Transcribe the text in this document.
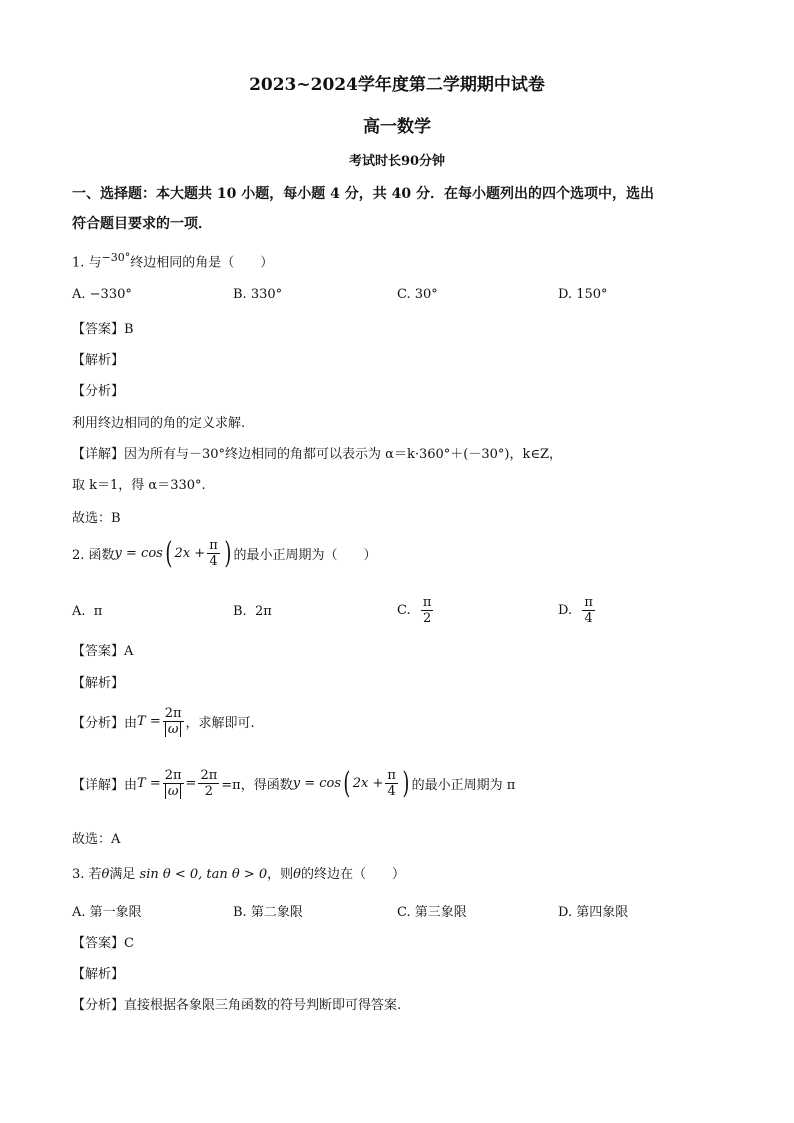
2023~2024学年度第二学期期中试卷
高一数学
考试时长90分钟
一、选择题：本大题共 10 小题，每小题 4 分，共 40 分．在每小题列出的四个选项中，选出
符合题目要求的一项．
1. 与$^{-30^\circ}$终边相同的角是（　　）
A. −330°	B. 330°	C. 30°	D. 150°
【答案】B
【解析】
【分析】
利用终边相同的角的定义求解.
【详解】因为所有与－30°终边相同的角都可以表示为 α＝k·360°＋(－30°)，k∈Z，
取 k＝1，得 α＝330°.
故选：B
2. 函数 y = cos ( $2x + \frac{\pi}{4}$ ) 的最小正周期为（　　）
A. π	B. 2π	C.
$\frac{\pi}{2}$	D.
$\frac{\pi}{4}$
【答案】A
【解析】
【分析】由 $T = \frac{2\pi}{\omega}$ ，求解即可.
【详解】由 $T = \frac{2\pi}{\omega} = \frac{2\pi}{2} =\pi$，得函数 y = cos ( $2x + \frac{\pi}{4}$ ) 的最小正周期为 π
故选：A
3. 若θ满足 sin θ < 0, tan θ > 0，则θ的终边在（　　）
A. 第一象限	B. 第二象限	C. 第三象限	D. 第四象限
【答案】C
【解析】
【分析】直接根据各象限三角函数的符号判断即可得答案.
